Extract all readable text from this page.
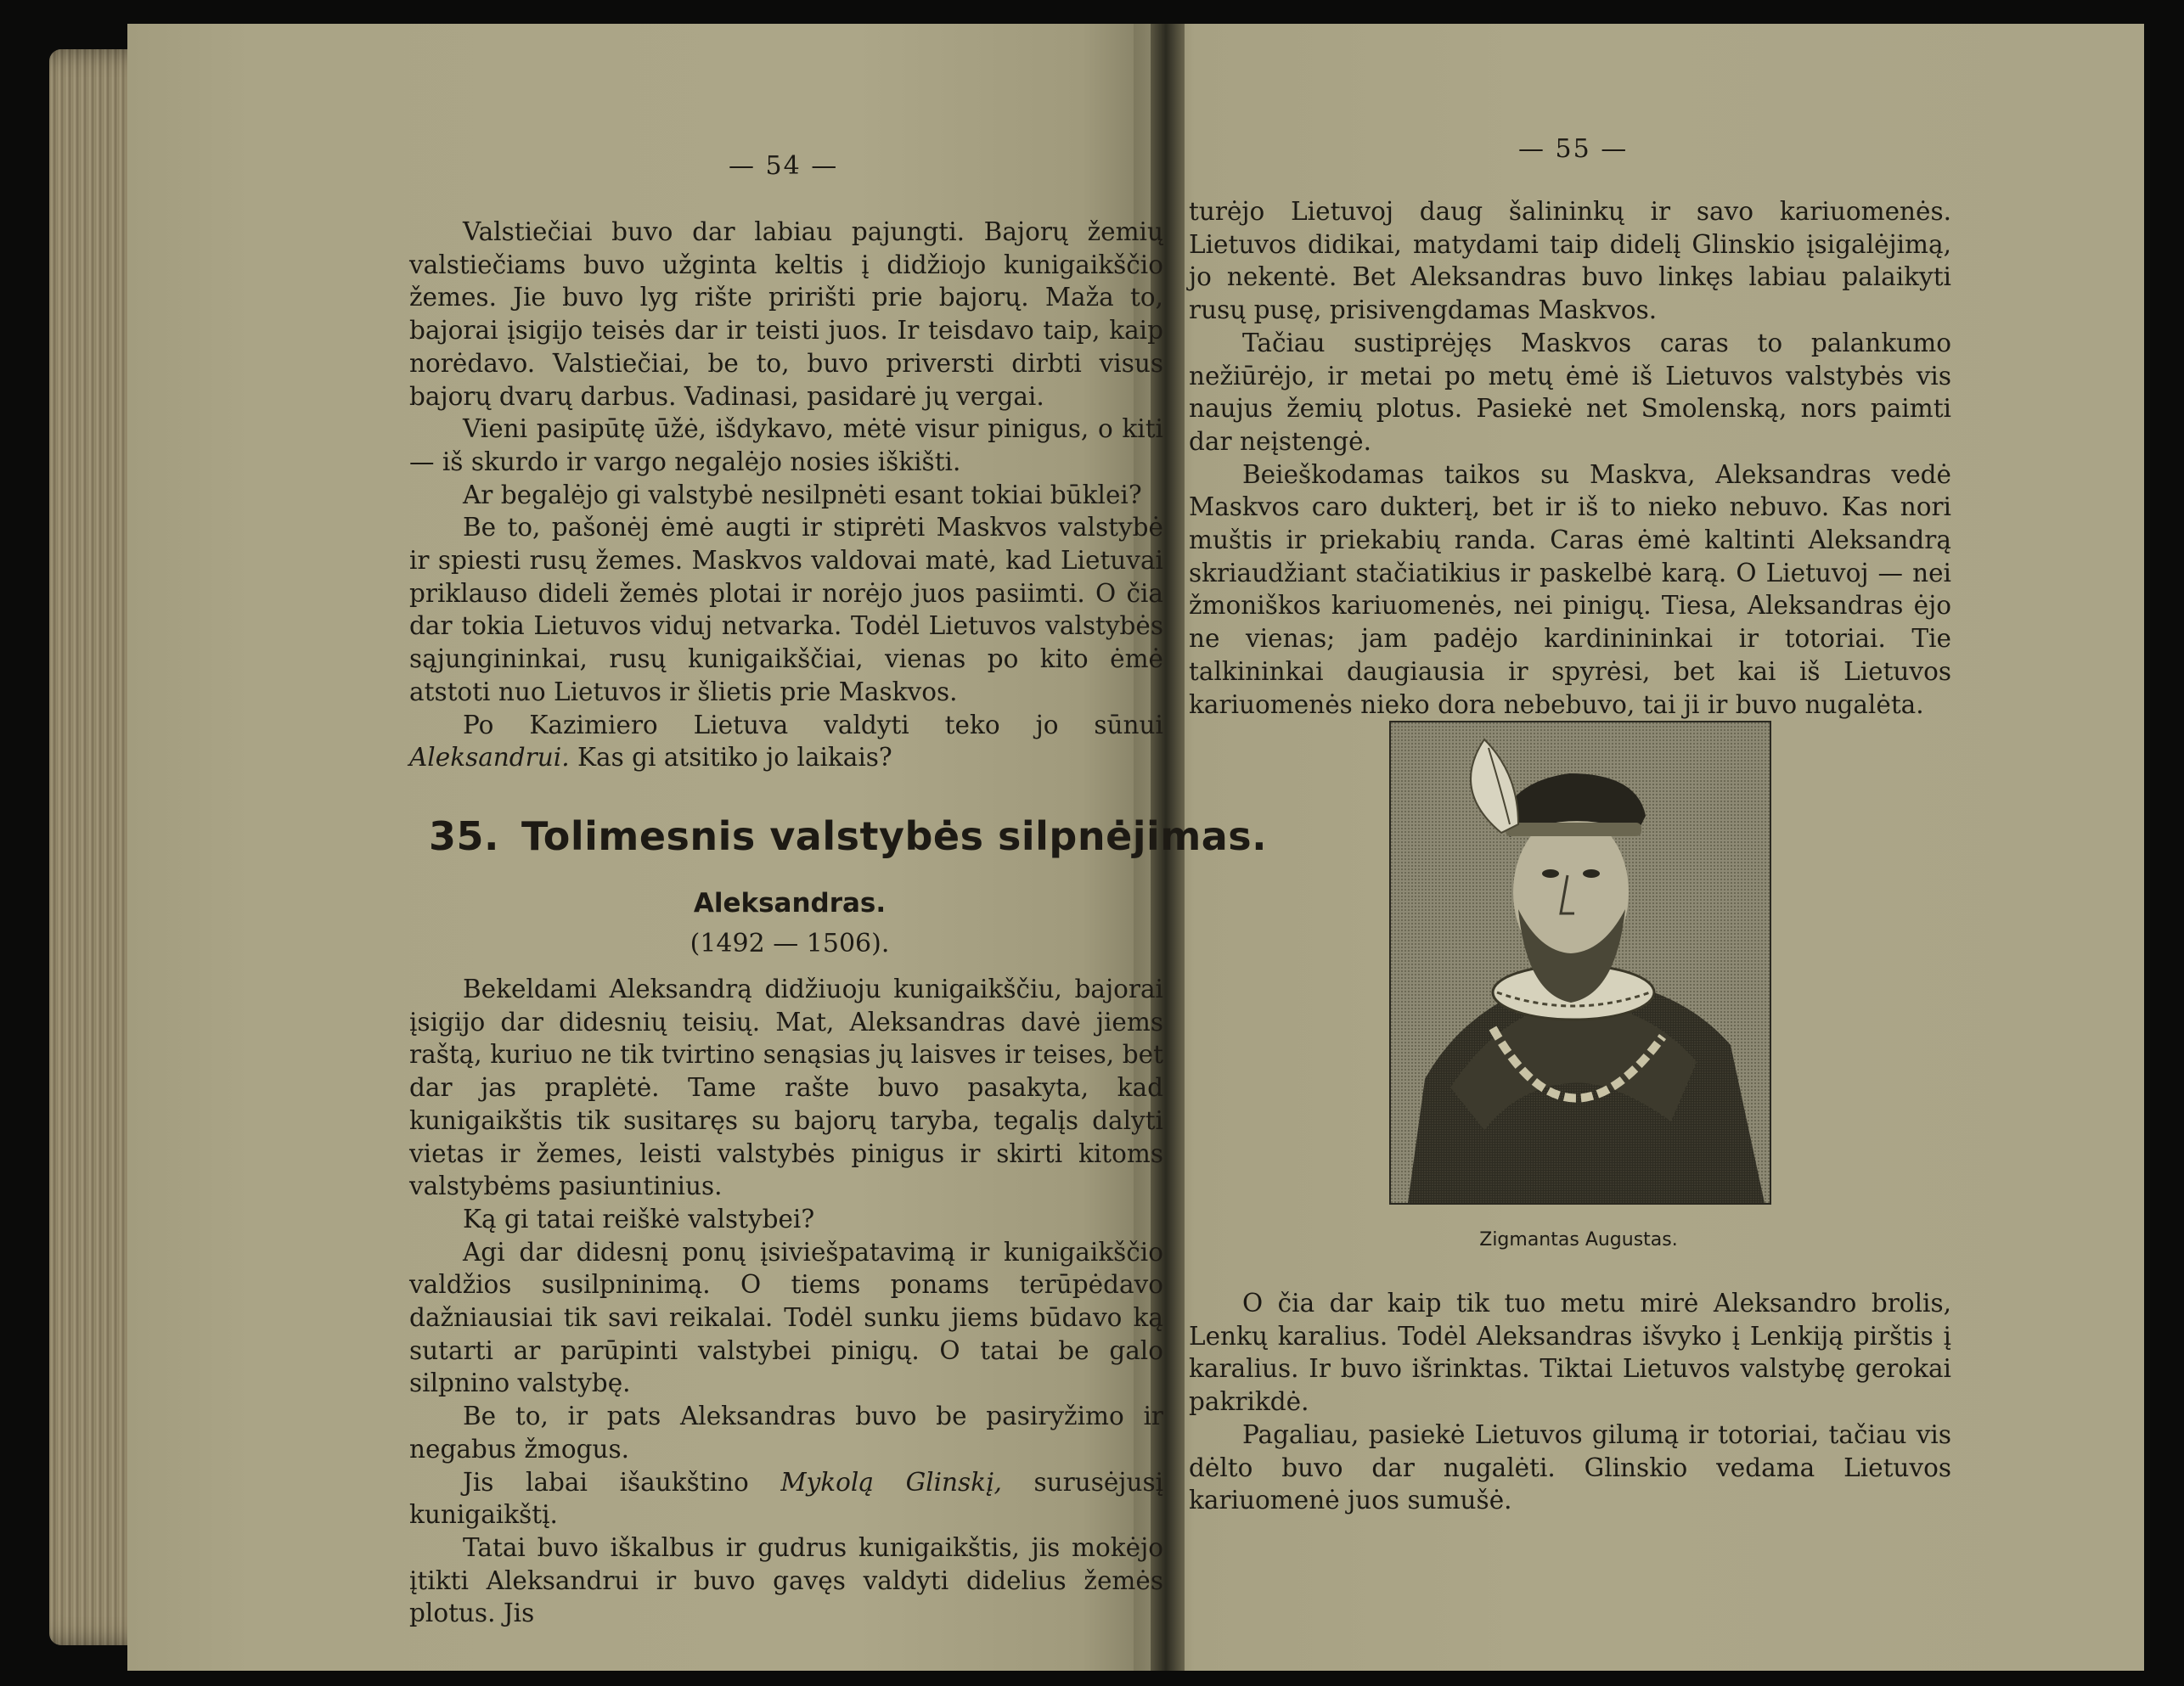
— 54 —

Valstiečiai buvo dar labiau pajungti. Bajorų žemių valstiečiams buvo užginta keltis į didžiojo kunigaikščio žemes. Jie buvo lyg rište pririšti prie bajorų. Maža to, bajorai įsigijo teisės dar ir teisti juos. Ir teisdavo taip, kaip norėdavo. Valstiečiai, be to, buvo priversti dirbti visus bajorų dvarų darbus. Vadinasi, pasidarė jų vergai.

Vieni pasipūtę ūžė, išdykavo, mėtė visur pinigus, o kiti — iš skurdo ir vargo negalėjo nosies iškišti.

Ar begalėjo gi valstybė nesilpnėti esant tokiai būklei?

Be to, pašonėj ėmė augti ir stiprėti Maskvos valstybė ir spiesti rusų žemes. Maskvos valdovai matė, kad Lietuvai priklauso dideli žemės plotai ir norėjo juos pasiimti. O čia dar tokia Lietuvos viduj netvarka. Todėl Lietuvos valstybės sąjungininkai, rusų kunigaikščiai, vienas po kito ėmė atstoti nuo Lietuvos ir šlietis prie Maskvos.

Po Kazimiero Lietuva valdyti teko jo sūnui Aleksandrui. Kas gi atsitiko jo laikais?

35. Tolimesnis valstybės silpnėjimas.
Aleksandras.
(1492 — 1506).

Bekeldami Aleksandrą didžiuoju kunigaikščiu, bajorai įsigijo dar didesnių teisių. Mat, Aleksandras davė jiems raštą, kuriuo ne tik tvirtino senąsias jų laisves ir teises, bet dar jas praplėtė. Tame rašte buvo pasakyta, kad kunigaikštis tik susitaręs su bajorų taryba, tegalįs dalyti vietas ir žemes, leisti valstybės pinigus ir skirti kitoms valstybėms pasiuntinius.

Ką gi tatai reiškė valstybei?

Agi dar didesnį ponų įsiviešpatavimą ir kunigaikščio valdžios susilpninimą. O tiems ponams terūpėdavo dažniausiai tik savi reikalai. Todėl sunku jiems būdavo ką sutarti ar parūpinti valstybei pinigų. O tatai be galo silpnino valstybę.

Be to, ir pats Aleksandras buvo be pasiryžimo ir negabus žmogus.

Jis labai išaukštino Mykolą Glinskį, surusėjusį kunigaikštį.

Tatai buvo iškalbus ir gudrus kunigaikštis, jis mokėjo įtikti Aleksandrui ir buvo gavęs valdyti didelius žemės plotus. Jis

— 55 —

turėjo Lietuvoj daug šalininkų ir savo kariuomenės. Lietuvos didikai, matydami taip didelį Glinskio įsigalėjimą, jo nekentė. Bet Aleksandras buvo linkęs labiau palaikyti rusų pusę, prisivengdamas Maskvos.

Tačiau sustiprėjęs Maskvos caras to palankumo nežiūrėjo, ir metai po metų ėmė iš Lietuvos valstybės vis naujus žemių plotus. Pasiekė net Smolenską, nors paimti dar neįstengė.

Beieškodamas taikos su Maskva, Aleksandras vedė Maskvos caro dukterį, bet ir iš to nieko nebuvo. Kas nori muštis ir priekabių randa. Caras ėmė kaltinti Aleksandrą skriaudžiant stačiatikius ir paskelbė karą. O Lietuvoj — nei žmoniškos kariuomenės, nei pinigų. Tiesa, Aleksandras ėjo ne vienas; jam padėjo kardinininkai ir totoriai. Tie talkininkai daugiausia ir spyrėsi, bet kai iš Lietuvos kariuomenės nieko dora nebebuvo, tai ji ir buvo nugalėta.

Zigmantas Augustas.

O čia dar kaip tik tuo metu mirė Aleksandro brolis, Lenkų karalius. Todėl Aleksandras išvyko į Lenkiją pirštis į karalius. Ir buvo išrinktas. Tiktai Lietuvos valstybę gerokai pakrikdė.

Pagaliau, pasiekė Lietuvos gilumą ir totoriai, tačiau vis dėlto buvo dar nugalėti. Glinskio vedama Lietuvos kariuomenė juos sumušė.
